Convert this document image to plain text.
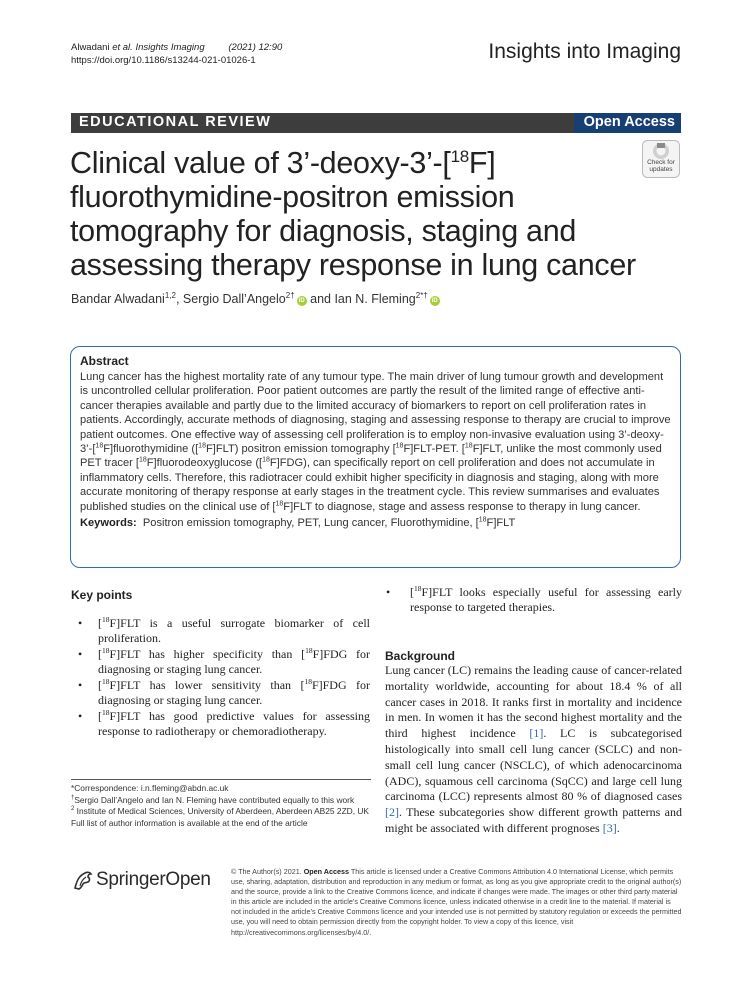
Alwadani et al. Insights Imaging	(2021) 12:90
https://doi.org/10.1186/s13244-021-01026-1	Insights into Imaging
EDUCATIONAL REVIEW	Open Access
Check for updates
Clinical value of 3’-deoxy-3’-[$^{18}$F] fluorothymidine-positron emission tomography for diagnosis, staging and assessing therapy response in lung cancer
Bandar Alwadani$^{1,2}$, Sergio Dall’Angelo$^{2\dagger}$iD and Ian N. Fleming$^{2*\dagger}$iD
Abstract

Lung cancer has the highest mortality rate of any tumour type. The main driver of lung tumour growth and development is uncontrolled cellular proliferation. Poor patient outcomes are partly the result of the limited range of effective anti-cancer therapies available and partly due to the limited accuracy of biomarkers to report on cell proliferation rates in patients. Accordingly, accurate methods of diagnosing, staging and assessing response to therapy are crucial to improve patient outcomes. One effective way of assessing cell proliferation is to employ non-invasive evaluation using 3’-deoxy-3’-[$^{18}$F]fluorothymidine ([$^{18}$F]FLT) positron emission tomography [$^{18}$F]FLT-PET. [$^{18}$F]FLT, unlike the most commonly used PET tracer [$^{18}$F]fluorodeoxyglucose ([$^{18}$F]FDG), can specifically report on cell proliferation and does not accumulate in inflammatory cells. Therefore, this radiotracer could exhibit higher specificity in diagnosis and staging, along with more accurate monitoring of therapy response at early stages in the treatment cycle. This review summarises and evaluates published studies on the clinical use of [$^{18}$F]FLT to diagnose, stage and assess response to therapy in lung cancer.

Keywords: Positron emission tomography, PET, Lung cancer, Fluorothymidine, [$^{18}$F]FLT

Key points
• [$^{18}$F]FLT is a useful surrogate biomarker of cell proliferation.
• [$^{18}$F]FLT has higher specificity than [$^{18}$F]FDG for diagnosing or staging lung cancer.
• [$^{18}$F]FLT has lower sensitivity than [$^{18}$F]FDG for diagnosing or staging lung cancer.
• [$^{18}$F]FLT has good predictive values for assessing response to radiotherapy or chemoradiotherapy.
*Correspondence: i.n.fleming@abdn.ac.uk
†Sergio Dall’Angelo and Ian N. Fleming have contributed equally to this work
$^2$ Institute of Medical Sciences, University of Aberdeen, Aberdeen AB25 2ZD, UK
Full list of author information is available at the end of the article
• [$^{18}$F]FLT looks especially useful for assessing early response to targeted therapies.
Background

Lung cancer (LC) remains the leading cause of cancer-related mortality worldwide, accounting for about 18.4 % of all cancer cases in 2018. It ranks first in mortality and incidence in men. In women it has the second highest mortality and the third highest incidence [1]. LC is subcategorised histologically into small cell lung cancer (SCLC) and non-small cell lung cancer (NSCLC), of which adenocarcinoma (ADC), squamous cell carcinoma (SqCC) and large cell lung carcinoma (LCC) represents almost 80 % of diagnosed cases [2]. These subcategories show different growth patterns and might be associated with different prognoses [3].

SpringerOpen	© The Author(s) 2021. Open Access This article is licensed under a Creative Commons Attribution 4.0 International License, which permits use, sharing, adaptation, distribution and reproduction in any medium or format, as long as you give appropriate credit to the original author(s) and the source, provide a link to the Creative Commons licence, and indicate if changes were made. The images or other third party material in this article are included in the article’s Creative Commons licence, unless indicated otherwise in a credit line to the material. If material is not included in the article’s Creative Commons licence and your intended use is not permitted by statutory regulation or exceeds the permitted use, you will need to obtain permission directly from the copyright holder. To view a copy of this licence, visit http://creativecommons.org/licenses/by/4.0/.
